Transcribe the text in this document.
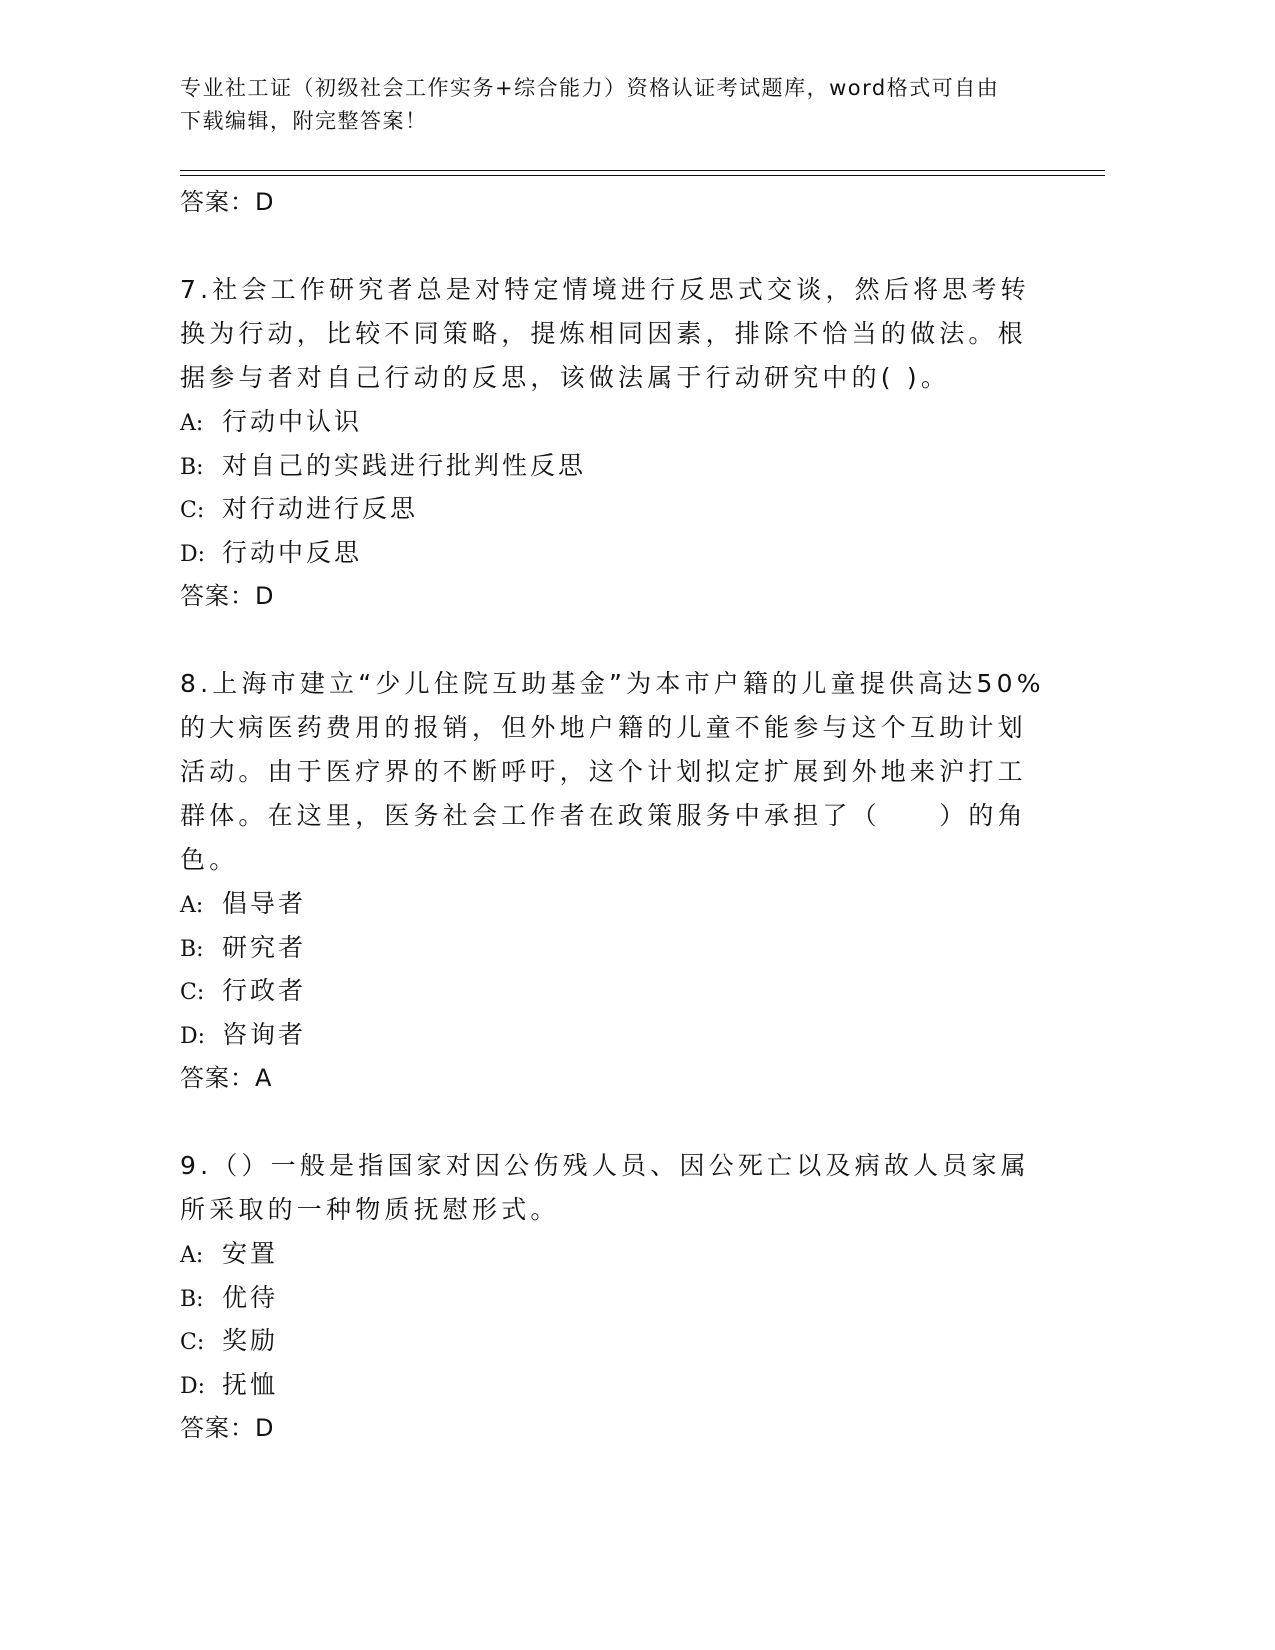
专业社工证（初级社会工作实务+综合能力）资格认证考试题库，word格式可自由
下载编辑，附完整答案！
答案：D
7.社会工作研究者总是对特定情境进行反思式交谈，然后将思考转换为行动，比较不同策略，提炼相同因素，排除不恰当的做法。根据参与者对自己行动的反思，该做法属于行动研究中的( )。
A: 行动中认识
B: 对自己的实践进行批判性反思
C: 对行动进行反思
D: 行动中反思
答案：D
8.上海市建立“少儿住院互助基金”为本市户籍的儿童提供高达50%的大病医药费用的报销，但外地户籍的儿童不能参与这个互助计划活动。由于医疗界的不断呼吁，这个计划拟定扩展到外地来沪打工群体。在这里，医务社会工作者在政策服务中承担了（　　）的角色。
A: 倡导者
B: 研究者
C: 行政者
D: 咨询者
答案：A
9.（）一般是指国家对因公伤残人员、因公死亡以及病故人员家属所采取的一种物质抚慰形式。
A: 安置
B: 优待
C: 奖励
D: 抚恤
答案：D
